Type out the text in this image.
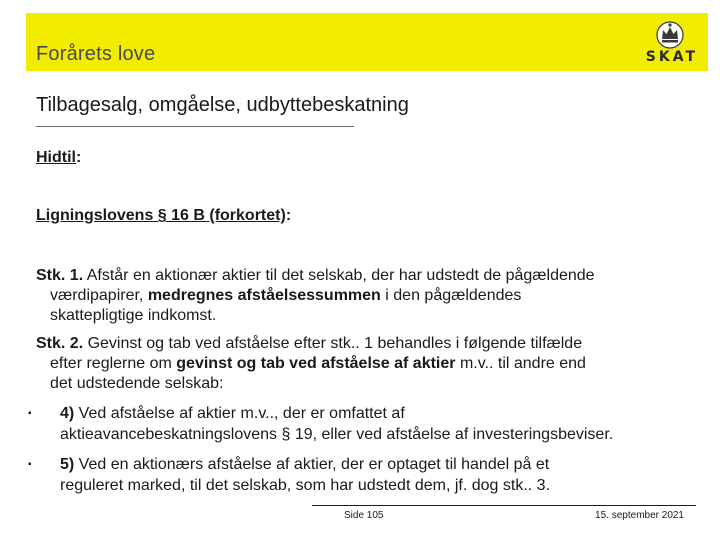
Forårets love	SKAT
Tilbagesalg, omgåelse, udbyttebeskatning
Hidtil:
Ligningslovens § 16 B (forkortet):
Stk. 1. Afstår en aktionær aktier til det selskab, der har udstedt de pågældende
værdipapirer, medregnes afståelsessummen i den pågældendes
skattepligtige indkomst.
Stk. 2. Gevinst og tab ved afståelse efter stk.. 1 behandles i følgende tilfælde
efter reglerne om gevinst og tab ved afståelse af aktier m.v.. til andre end
det udstedende selskab:
▪ 4) Ved afståelse af aktier m.v.., der er omfattet af
aktieavancebeskatningslovens § 19, eller ved afståelse af investeringsbeviser.
▪ 5) Ved en aktionærs afståelse af aktier, der er optaget til handel på et
reguleret marked, til det selskab, som har udstedt dem, jf. dog stk.. 3.
Side 105	15. september 2021
